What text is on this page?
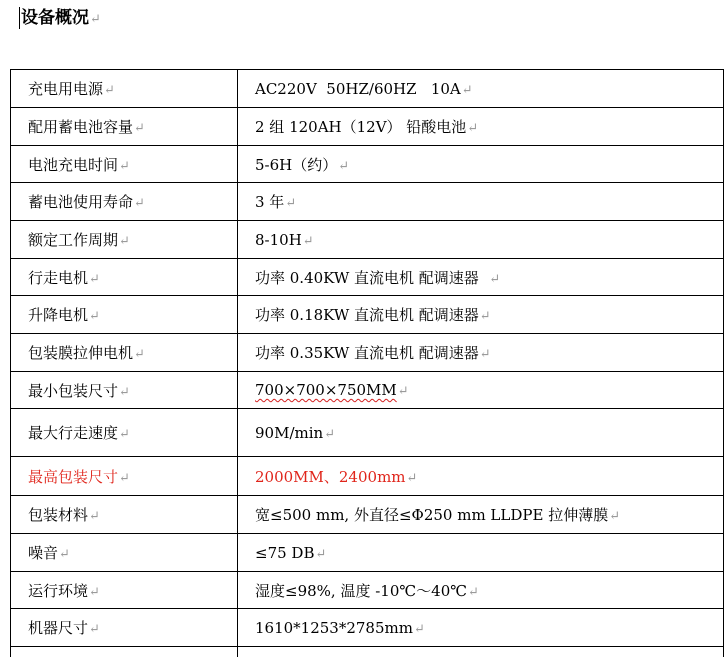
设备概况↵
充电用电源↵	AC220V  50HZ/60HZ   10A↵
配用蓄电池容量↵	2 组 120AH（12V） 铅酸电池↵
电池充电时间↵	5-6H（约）↵
蓄电池使用寿命↵	3 年↵
额定工作周期↵	8-10H↵
行走电机↵	功率 0.40KW 直流电机 配调速器  ↵
升降电机↵	功率 0.18KW 直流电机 配调速器↵
包装膜拉伸电机↵	功率 0.35KW 直流电机 配调速器↵
最小包装尺寸↵	700×700×750MM↵
最大行走速度↵	90M/min↵
最高包装尺寸↵	2000MM、2400mm↵
包装材料↵	宽≤500 mm, 外直径≤Φ250 mm LLDPE 拉伸薄膜↵
噪音↵	≤75 DB↵
运行环境↵	湿度≤98%, 温度 -10℃～40℃↵
机器尺寸↵	1610*1253*2785mm↵
